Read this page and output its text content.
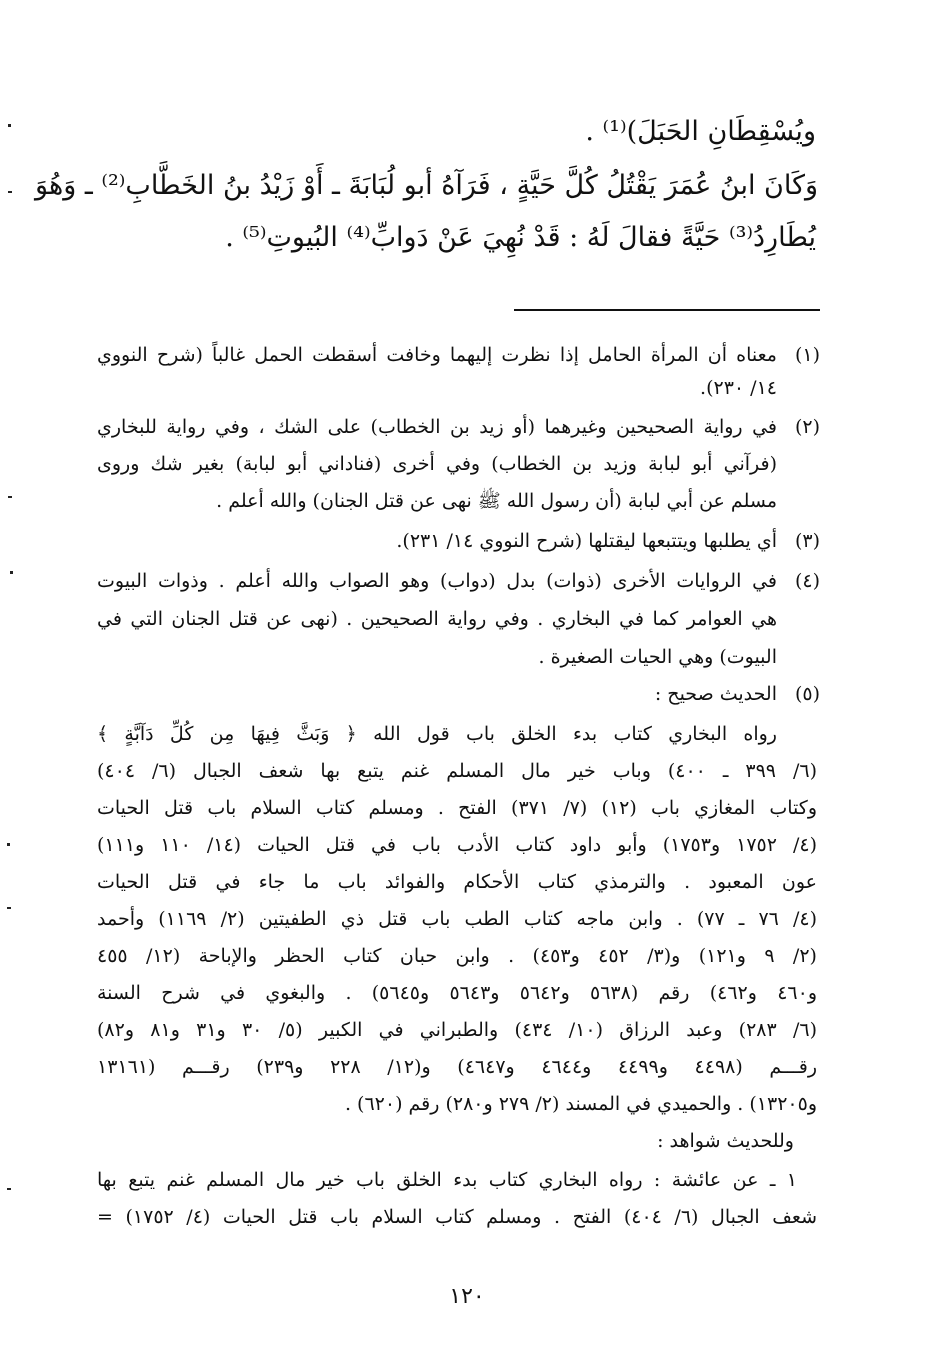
ويُسْقِطَانِ الحَبَلَ)⁽¹⁾ .
وَكَانَ ابنُ عُمَرَ يَقْتُلُ كُلَّ حَيَّةٍ ، فَرَآهُ أبو لُبَابَةَ ـ أَوْ زَيْدُ بنُ الخَطَّابِ⁽²⁾ ـ وَهُوَ
يُطَارِدُ⁽³⁾ حَيَّةً فقالَ لَهُ : قَدْ نُهِيَ عَنْ دَوابِّ⁽⁴⁾ البُيوتِ⁽⁵⁾ .
(١)
معناه أن المرأة الحامل إذا نظرت إليهما وخافت أسقطت الحمل غالباً (شرح النووي
١٤/ ٢٣٠).
(٢)
في رواية الصحيحين وغيرهما (أو زيد بن الخطاب) على الشك ، وفي رواية للبخاري
(فرآني أبو لبابة وزيد بن الخطاب) وفي أخرى (فناداني أبو لبابة) بغير شك وروى
مسلم عن أبي لبابة (أن رسول الله ﷺ نهى عن قتل الجنان) والله أعلم .
(٣)
أي يطلبها ويتتبعها ليقتلها (شرح النووي ١٤/ ٢٣١).
(٤)
في الروايات الأخرى (ذوات) بدل (دواب) وهو الصواب والله أعلم . وذوات البيوت
هي العوامر كما في البخاري . وفي رواية الصحيحين . (نهى عن قتل الجنان التي في
البيوت) وهي الحيات الصغيرة .
(٥)
الحديث صحيح :
رواه البخاري كتاب بدء الخلق باب قول الله ﴿ وَبَثَّ فِيهَا مِن كُلِّ دَآبَّةٍ ﴾
(٦/ ٣٩٩ ـ ٤٠٠) وباب خير مال المسلم غنم يتبع بها شعف الجبال (٦/ ٤٠٤)
وكتاب المغازي باب (١٢) (٧/ ٣٧١) الفتح . ومسلم كتاب السلام باب قتل الحيات
(٤/ ١٧٥٢ و١٧٥٣) وأبو داود كتاب الأدب باب في قتل الحيات (١٤/ ١١٠ و١١١)
عون المعبود . والترمذي كتاب الأحكام والفوائد باب ما جاء في قتل الحيات
(٤/ ٧٦ ـ ٧٧) . وابن ماجه كتاب الطب باب قتل ذي الطفيتين (٢/ ١١٦٩) وأحمد
(٢/ ٩ و١٢١) و(٣/ ٤٥٢ و٤٥٣) . وابن حبان كتاب الحظر والإباحة (١٢/ ٤٥٥
و٤٦٠ و٤٦٢) رقم (٥٦٣٨ و٥٦٤٢ و٥٦٤٣ و٥٦٤٥) . والبغوي في شرح السنة
(٦/ ٢٨٣) وعبد الرزاق (١٠/ ٤٣٤) والطبراني في الكبير (٥/ ٣٠ و٣١ و٨١ و٨٢)
رقـــم (٤٤٩٨ و٤٤٩٩ و٤٦٤٤ و٤٦٤٧) و(١٢/ ٢٢٨ و٢٣٩) رقـــم (١٣١٦١
و١٣٢٠٥) . والحميدي في المسند (٢/ ٢٧٩ و٢٨٠) رقم (٦٢٠) .
وللحديث شواهد :
١ ـ عن عائشة : رواه البخاري كتاب بدء الخلق باب خير مال المسلم غنم يتبع بها
شعف الجبال (٦/ ٤٠٤) الفتح . ومسلم كتاب السلام باب قتل الحيات (٤/ ١٧٥٢) =
١٢٠
